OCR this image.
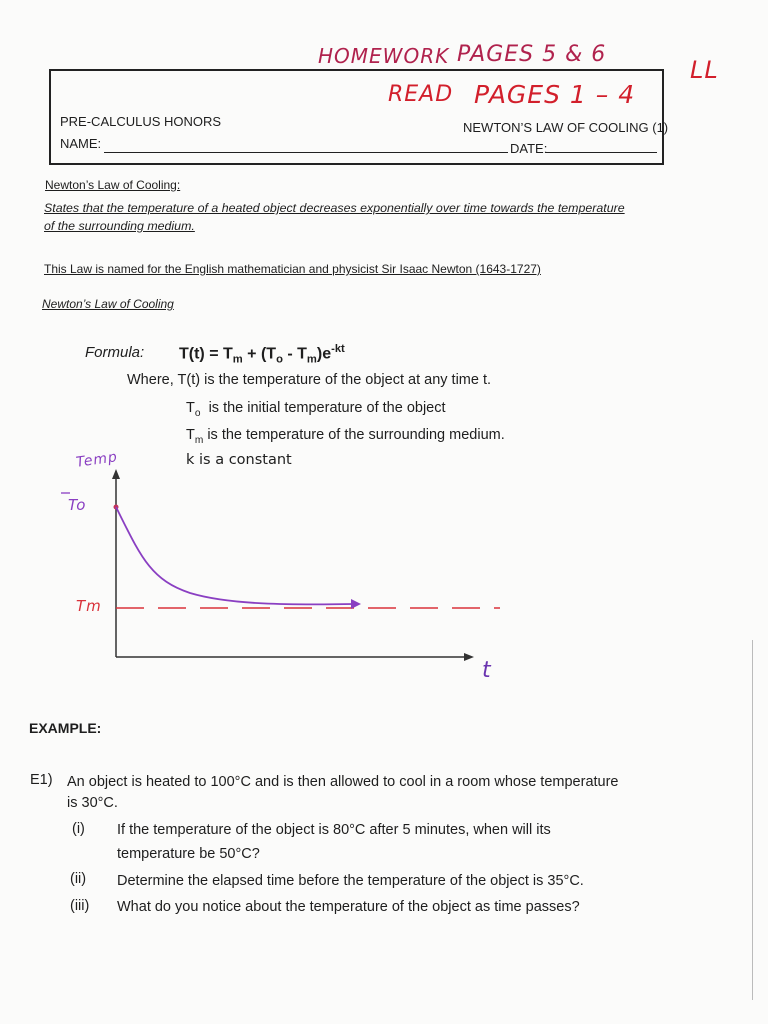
HOMEWORK PAGES 5 & 6
READ PAGES 1 – 4
LL
PRE-CALCULUS HONORS	NEWTON’S LAW OF COOLING (1)
NAME:	DATE:
Newton’s Law of Cooling:
States that the temperature of a heated object decreases exponentially over time towards the temperature
of the surrounding medium.
This Law is named for the English mathematician and physicist Sir Isaac Newton (1643-1727)
Newton’s Law of Cooling
Formula: $T(t) = T_m + (T_o - T_m)e^{-kt}$
Where, T(t) is the temperature of the object at any time t.
$T_o$ is the initial temperature of the object
$T_m$ is the temperature of the surrounding medium.
k is a constant
Temp
To
Tm
t
EXAMPLE:
E1) An object is heated to 100°C and is then allowed to cool in a room whose temperature
is 30°C.
(i) If the temperature of the object is 80°C after 5 minutes, when will its
temperature be 50°C?
(ii) Determine the elapsed time before the temperature of the object is 35°C.
(iii) What do you notice about the temperature of the object as time passes?
